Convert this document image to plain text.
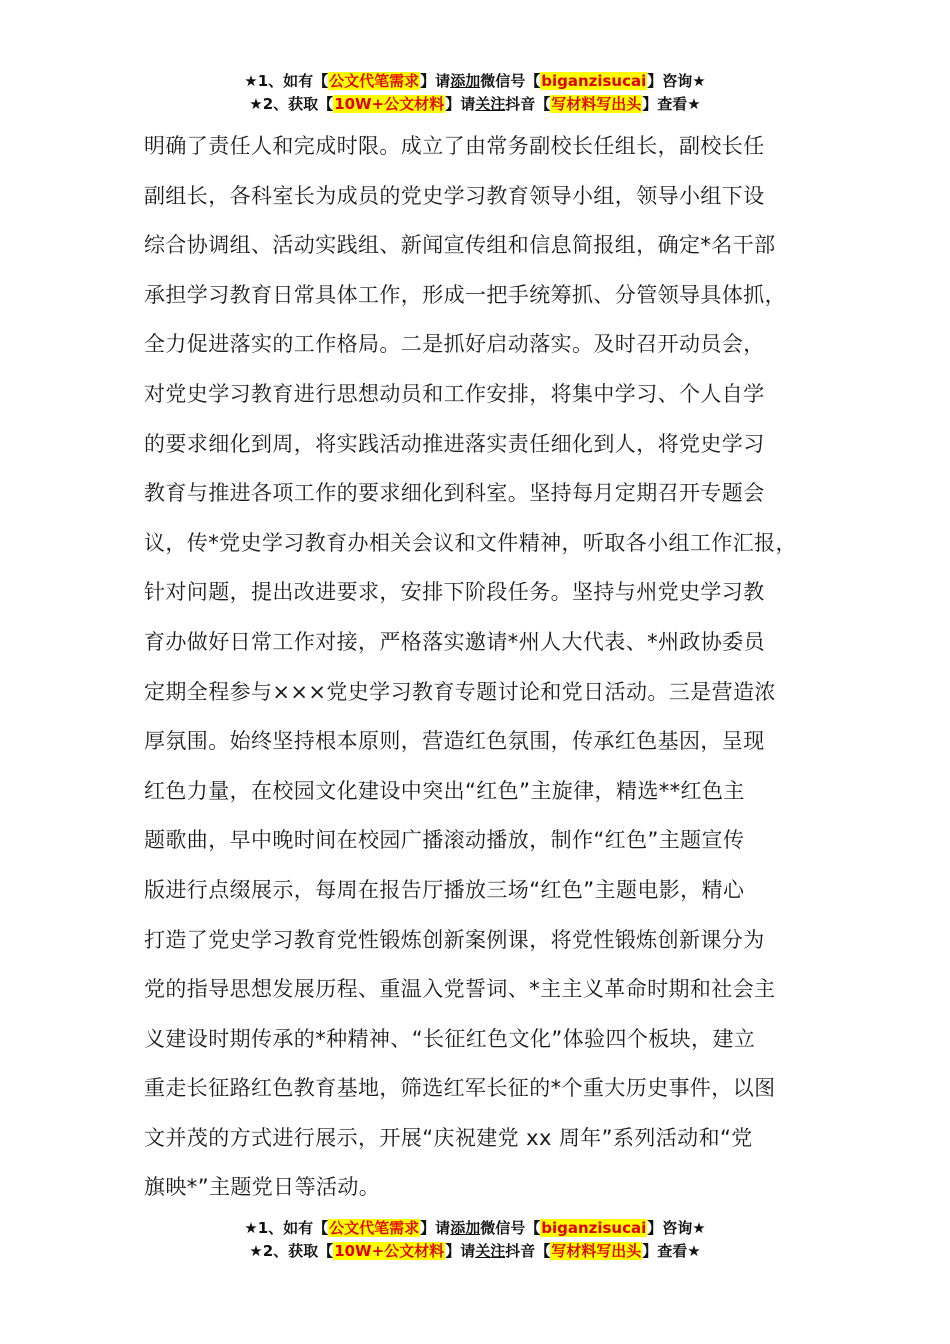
★1、如有【公文代笔需求】请添加微信号【biganzisucai】咨询★
★2、获取【10W+公文材料】请关注抖音【写材料写出头】查看★
明确了责任人和完成时限。成立了由常务副校长任组长，副校长任
副组长，各科室长为成员的党史学习教育领导小组，领导小组下设
综合协调组、活动实践组、新闻宣传组和信息简报组，确定*名干部
承担学习教育日常具体工作，形成一把手统筹抓、分管领导具体抓，
全力促进落实的工作格局。二是抓好启动落实。及时召开动员会，
对党史学习教育进行思想动员和工作安排，将集中学习、个人自学
的要求细化到周，将实践活动推进落实责任细化到人，将党史学习
教育与推进各项工作的要求细化到科室。坚持每月定期召开专题会
议，传*党史学习教育办相关会议和文件精神，听取各小组工作汇报，
针对问题，提出改进要求，安排下阶段任务。坚持与州党史学习教
育办做好日常工作对接，严格落实邀请*州人大代表、*州政协委员
定期全程参与×××党史学习教育专题讨论和党日活动。三是营造浓
厚氛围。始终坚持根本原则，营造红色氛围，传承红色基因，呈现
红色力量，在校园文化建设中突出“红色”主旋律，精选**红色主
题歌曲，早中晚时间在校园广播滚动播放，制作“红色”主题宣传
版进行点缀展示，每周在报告厅播放三场“红色”主题电影，精心
打造了党史学习教育党性锻炼创新案例课，将党性锻炼创新课分为
党的指导思想发展历程、重温入党誓词、*主主义革命时期和社会主
义建设时期传承的*种精神、“长征红色文化”体验四个板块，建立
重走长征路红色教育基地，筛选红军长征的*个重大历史事件，以图
文并茂的方式进行展示，开展“庆祝建党 xx 周年”系列活动和“党
旗映*”主题党日等活动。
★1、如有【公文代笔需求】请添加微信号【biganzisucai】咨询★
★2、获取【10W+公文材料】请关注抖音【写材料写出头】查看★
